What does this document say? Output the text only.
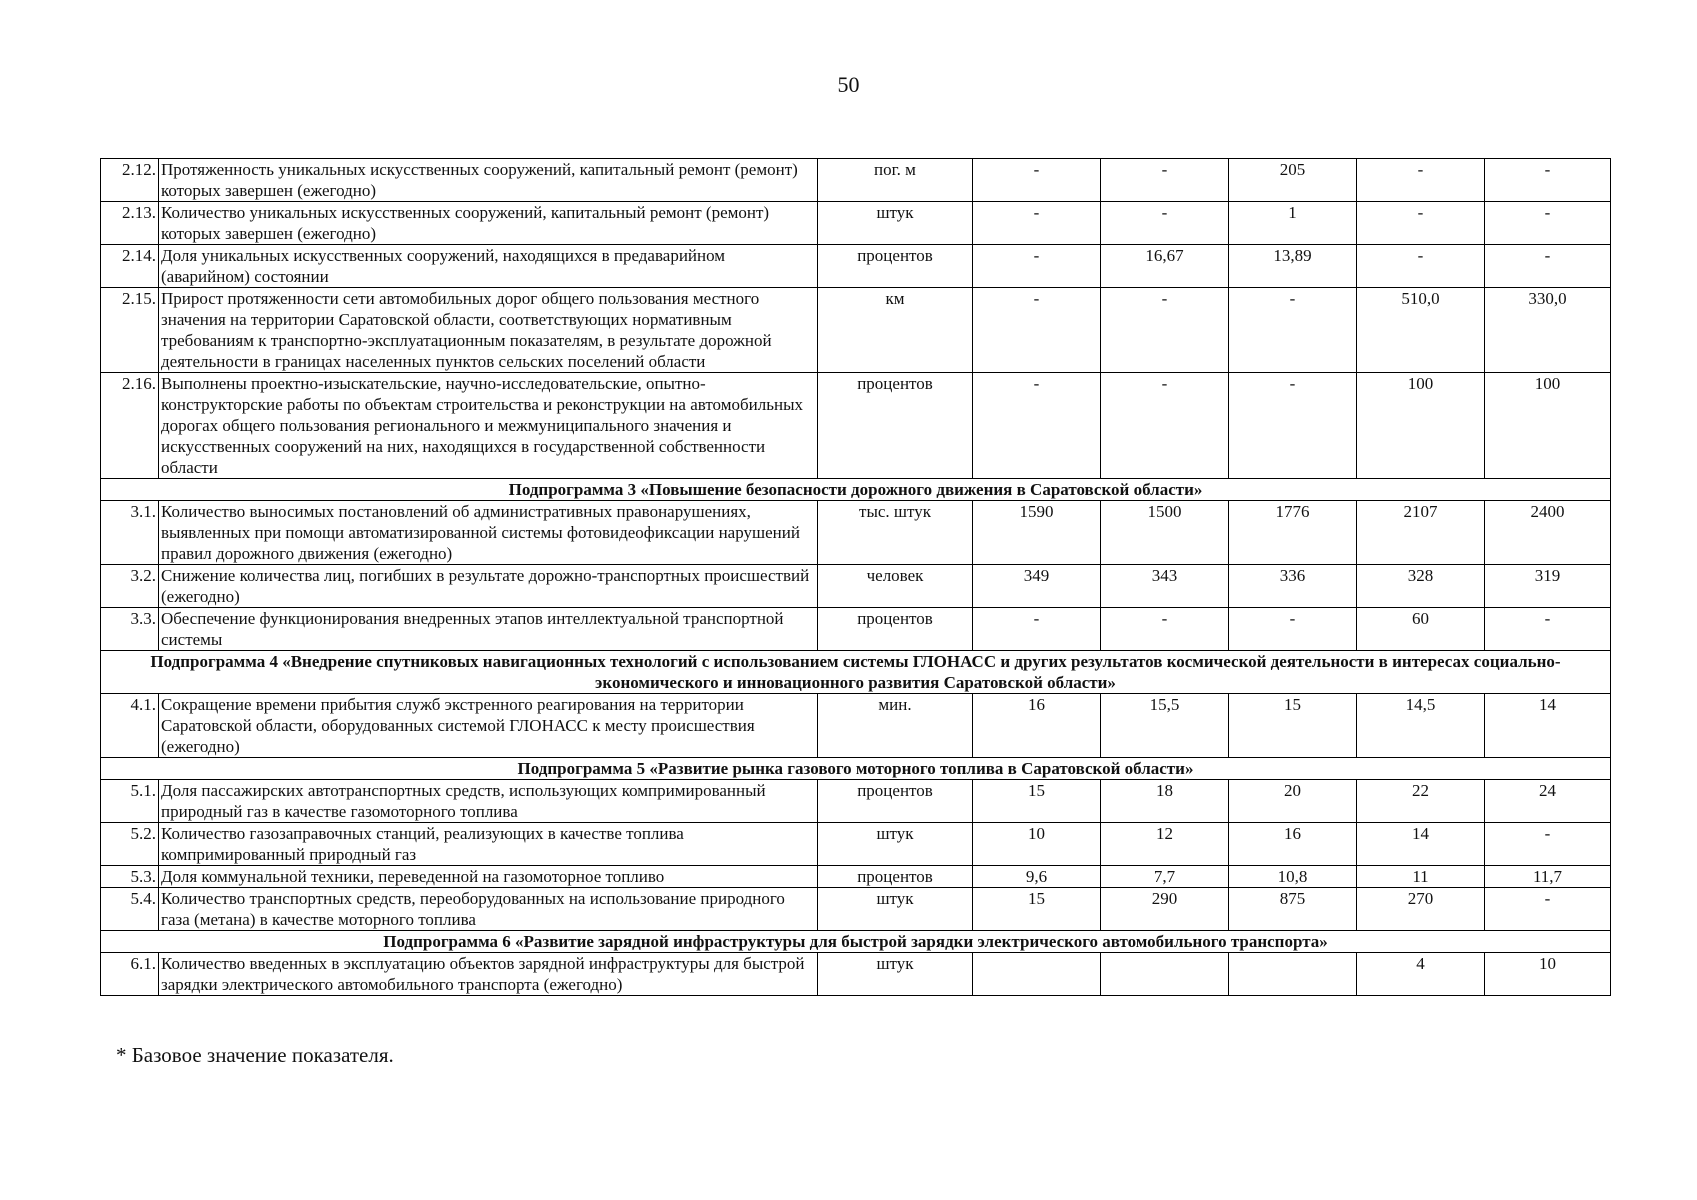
50
2.12.	Протяженность уникальных искусственных сооружений, капитальный ремонт (ремонт) которых завершен (ежегодно)	пог. м	-	-	205	-	-
2.13.	Количество уникальных искусственных сооружений, капитальный ремонт (ремонт) которых завершен (ежегодно)	штук	-	-	1	-	-
2.14.	Доля уникальных искусственных сооружений, находящихся в предаварийном (аварийном) состоянии	процентов	-	16,67	13,89	-	-
2.15.	Прирост протяженности сети автомобильных дорог общего пользования местного значения на территории Саратовской области, соответствующих нормативным требованиям к транспортно-эксплуатационным показателям, в результате дорожной деятельности в границах населенных пунктов сельских поселений области	км	-	-	-	510,0	330,0
2.16.	Выполнены проектно-изыскательские, научно-исследовательские, опытно-конструкторские работы по объектам строительства и реконструкции на автомобильных дорогах общего пользования регионального и межмуниципального значения и искусственных сооружений на них, находящихся в государственной собственности области	процентов	-	-	-	100	100
Подпрограмма 3 «Повышение безопасности дорожного движения в Саратовской области»							
3.1.	Количество выносимых постановлений об административных правонарушениях, выявленных при помощи автоматизированной системы фотовидеофиксации нарушений правил дорожного движения (ежегодно)	тыс. штук	1590	1500	1776	2107	2400
3.2.	Снижение количества лиц, погибших в результате дорожно-транспортных происшествий (ежегодно)	человек	349	343	336	328	319
3.3.	Обеспечение функционирования внедренных этапов интеллектуальной транспортной системы	процентов	-	-	-	60	-
Подпрограмма 4 «Внедрение спутниковых навигационных технологий с использованием системы ГЛОНАСС и других результатов космической деятельности в интересах социально-экономического и инновационного развития Саратовской области»							
4.1.	Сокращение времени прибытия служб экстренного реагирования на территории Саратовской области, оборудованных системой ГЛОНАСС к месту происшествия (ежегодно)	мин.	16	15,5	15	14,5	14
Подпрограмма 5 «Развитие рынка газового моторного топлива в Саратовской области»							
5.1.	Доля пассажирских автотранспортных средств, использующих компримированный природный газ в качестве газомоторного топлива	процентов	15	18	20	22	24
5.2.	Количество газозаправочных станций, реализующих в качестве топлива компримированный природный газ	штук	10	12	16	14	-
5.3.	Доля коммунальной техники, переведенной на газомоторное топливо	процентов	9,6	7,7	10,8	11	11,7
5.4.	Количество транспортных средств, переоборудованных на использование природного газа (метана) в качестве моторного топлива	штук	15	290	875	270	-
Подпрограмма 6 «Развитие зарядной инфраструктуры для быстрой зарядки электрического автомобильного транспорта»							
6.1.	Количество введенных в эксплуатацию объектов зарядной инфраструктуры для быстрой зарядки электрического автомобильного транспорта (ежегодно)	штук				4	10
* Базовое значение показателя.
